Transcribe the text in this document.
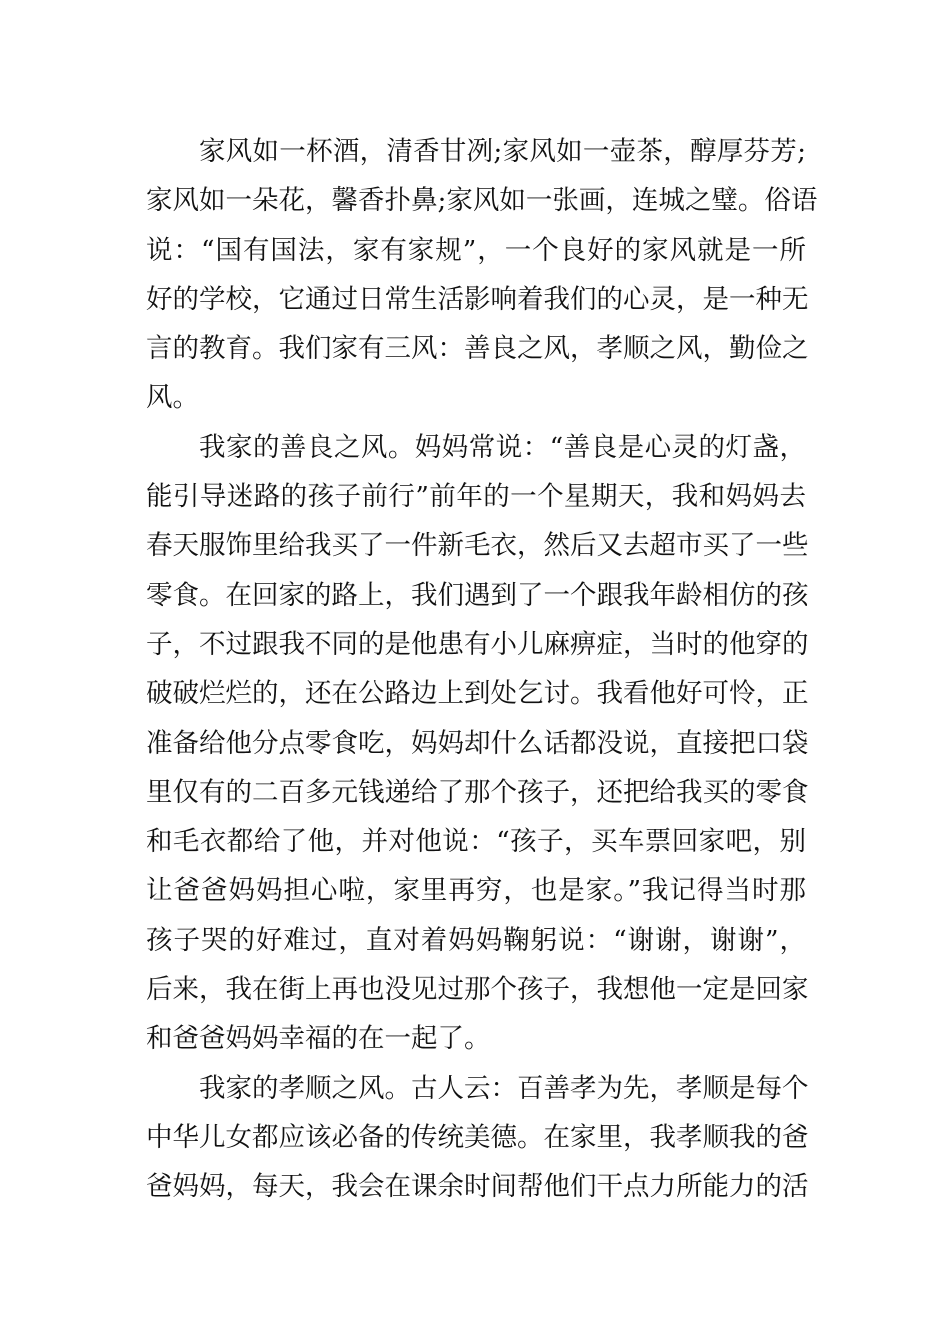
家风如一杯酒，清香甘冽;家风如一壶茶，醇厚芬芳;
家风如一朵花，馨香扑鼻;家风如一张画，连城之璧。俗语
说：“国有国法，家有家规”，一个良好的家风就是一所
好的学校，它通过日常生活影响着我们的心灵，是一种无
言的教育。我们家有三风：善良之风，孝顺之风，勤俭之
风。
我家的善良之风。妈妈常说：“善良是心灵的灯盏，
能引导迷路的孩子前行”前年的一个星期天，我和妈妈去
春天服饰里给我买了一件新毛衣，然后又去超市买了一些
零食。在回家的路上，我们遇到了一个跟我年龄相仿的孩
子，不过跟我不同的是他患有小儿麻痹症，当时的他穿的
破破烂烂的，还在公路边上到处乞讨。我看他好可怜，正
准备给他分点零食吃，妈妈却什么话都没说，直接把口袋
里仅有的二百多元钱递给了那个孩子，还把给我买的零食
和毛衣都给了他，并对他说：“孩子，买车票回家吧，别
让爸爸妈妈担心啦，家里再穷，也是家。”我记得当时那
孩子哭的好难过，直对着妈妈鞠躬说：“谢谢，谢谢”，
后来，我在街上再也没见过那个孩子，我想他一定是回家
和爸爸妈妈幸福的在一起了。
我家的孝顺之风。古人云：百善孝为先，孝顺是每个
中华儿女都应该必备的传统美德。在家里，我孝顺我的爸
爸妈妈，每天，我会在课余时间帮他们干点力所能力的活
